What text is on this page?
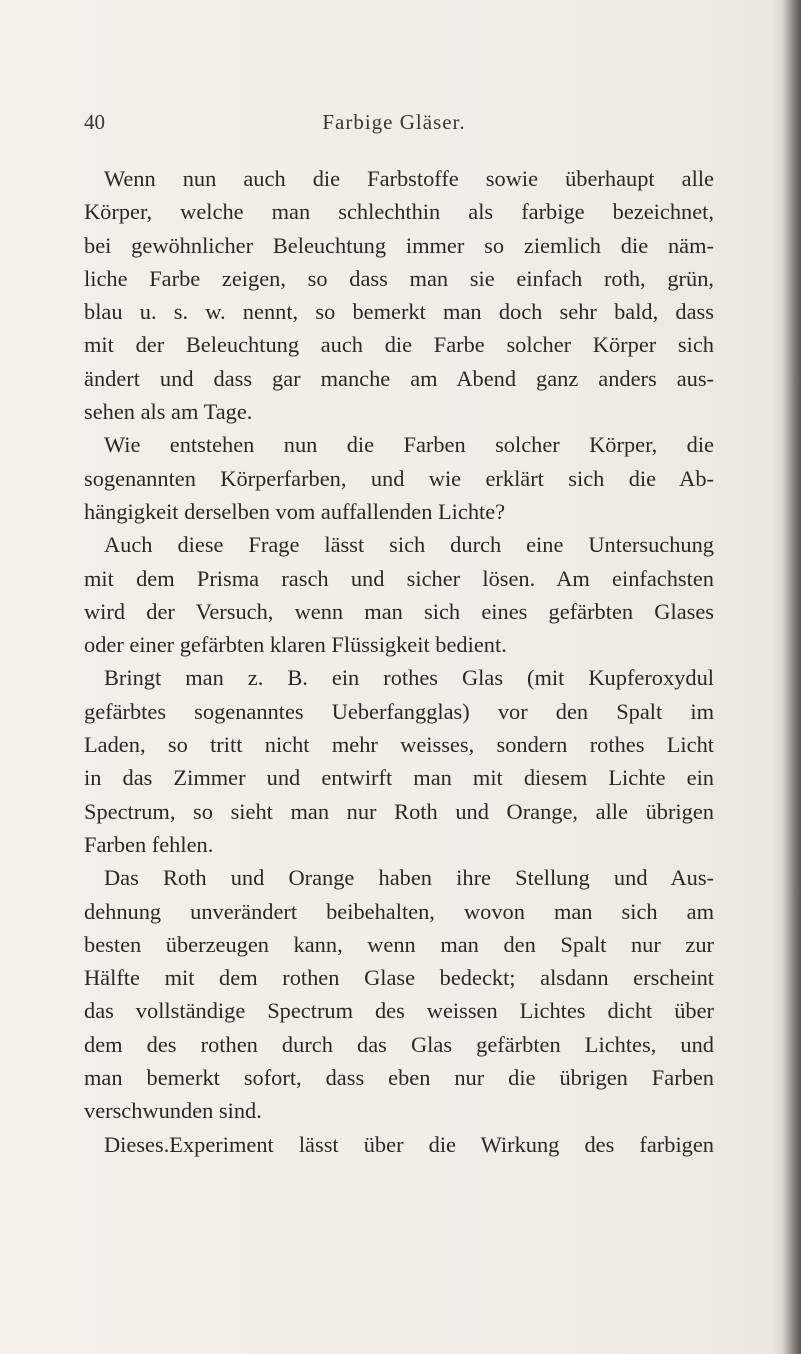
40	Farbige Gläser.
Wenn nun auch die Farbstoffe sowie überhaupt alle
Körper, welche man schlechthin als farbige bezeichnet,
bei gewöhnlicher Beleuchtung immer so ziemlich die näm-
liche Farbe zeigen, so dass man sie einfach roth, grün,
blau u. s. w. nennt, so bemerkt man doch sehr bald, dass
mit der Beleuchtung auch die Farbe solcher Körper sich
ändert und dass gar manche am Abend ganz anders aus-
sehen als am Tage.
Wie entstehen nun die Farben solcher Körper, die
sogenannten Körperfarben, und wie erklärt sich die Ab-
hängigkeit derselben vom auffallenden Lichte?
Auch diese Frage lässt sich durch eine Untersuchung
mit dem Prisma rasch und sicher lösen. Am einfachsten
wird der Versuch, wenn man sich eines gefärbten Glases
oder einer gefärbten klaren Flüssigkeit bedient.
Bringt man z. B. ein rothes Glas (mit Kupferoxydul
gefärbtes sogenanntes Ueberfangglas) vor den Spalt im
Laden, so tritt nicht mehr weisses, sondern rothes Licht
in das Zimmer und entwirft man mit diesem Lichte ein
Spectrum, so sieht man nur Roth und Orange, alle übrigen
Farben fehlen.
Das Roth und Orange haben ihre Stellung und Aus-
dehnung unverändert beibehalten, wovon man sich am
besten überzeugen kann, wenn man den Spalt nur zur
Hälfte mit dem rothen Glase bedeckt; alsdann erscheint
das vollständige Spectrum des weissen Lichtes dicht über
dem des rothen durch das Glas gefärbten Lichtes, und
man bemerkt sofort, dass eben nur die übrigen Farben
verschwunden sind.
Dieses.Experiment lässt über die Wirkung des farbigen
